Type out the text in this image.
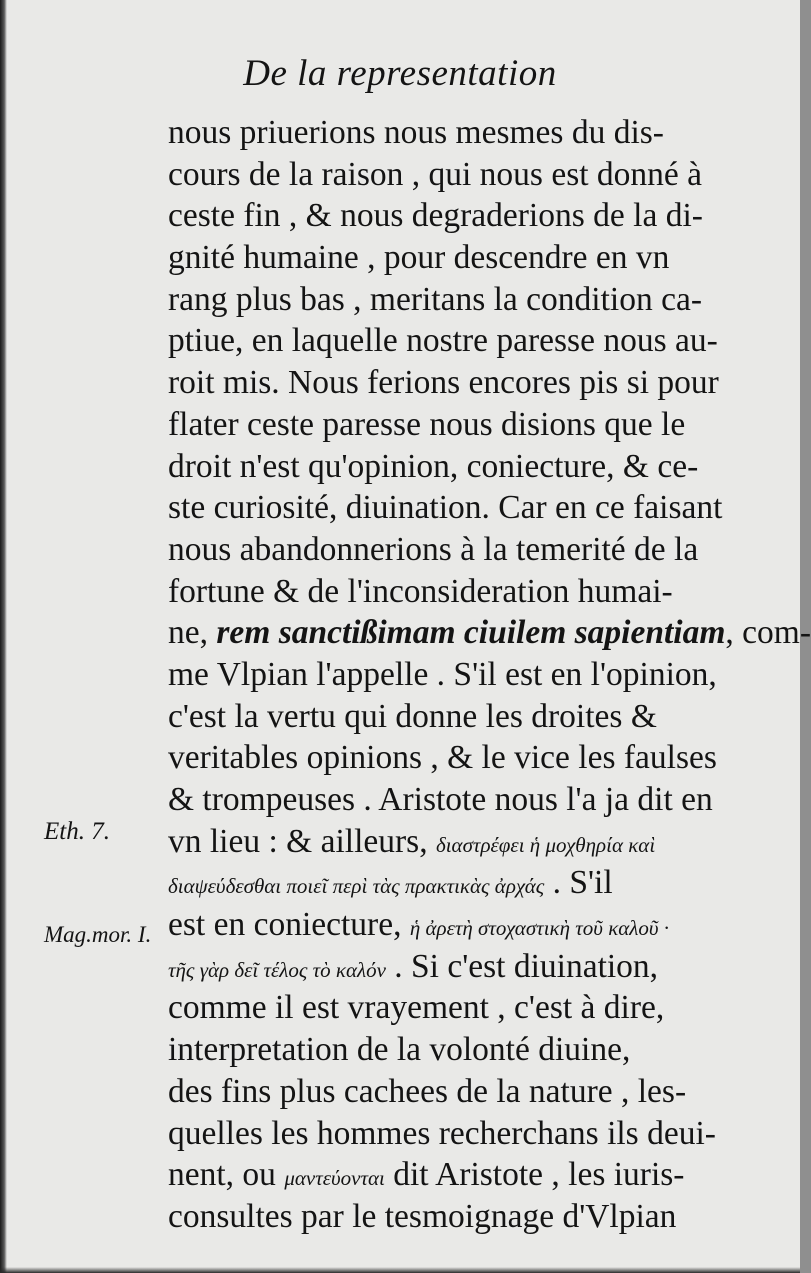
De la representation
Eth. 7.
Mag.mor. I.
nous priuerions nous mesmes du dis-
cours de la raison , qui nous est donné à
ceste fin , & nous degraderions de la di-
gnité humaine , pour descendre en vn
rang plus bas , meritans la condition ca-
ptiue, en laquelle nostre paresse nous au-
roit mis. Nous ferions encores pis si pour
flater ceste paresse nous disions que le
droit n'est qu'opinion, coniecture, & ce-
ste curiosité, diuination. Car en ce faisant
nous abandonnerions à la temerité de la
fortune & de l'inconsideration humai-
ne, rem sanctißimam ciuilem sapientiam, com-
me Vlpian l'appelle . S'il est en l'opinion,
c'est la vertu qui donne les droites &
veritables opinions , & le vice les faulses
& trompeuses . Aristote nous l'a ja dit en
vn lieu : & ailleurs, διαστρέφει ἡ μοχθηρία καὶ
διαψεύδεσθαι ποιεῖ περὶ τὰς πρακτικὰς ἀρχάς . S'il
est en coniecture, ἡ ἀρετὴ στοχαστικὴ τοῦ καλοῦ ·
τῆς γὰρ δεῖ τέλος τὸ καλόν . Si c'est diuination,
comme il est vrayement , c'est à dire,
interpretation de la volonté diuine,
des fins plus cachees de la nature , les-
quelles les hommes recherchans ils deui-
nent, ou μαντεύονται dit Aristote , les iuris-
consultes par le tesmoignage d'Vlpian
